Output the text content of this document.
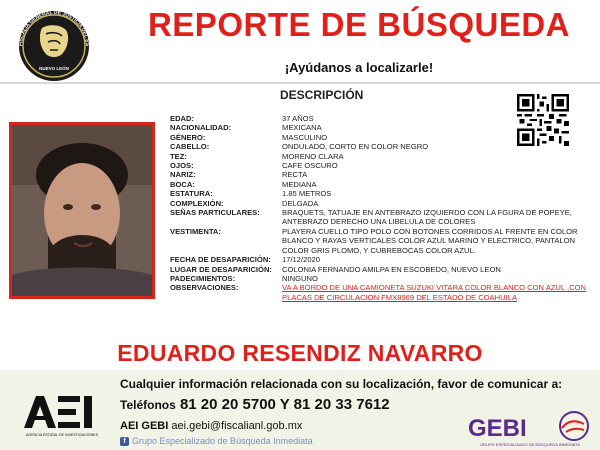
FISCALÍA GENERAL DE JUSTICIA DEL ES
NUEVO LEÓN
REPORTE DE BÚSQUEDA
¡Ayúdanos a localizarle!
DESCRIPCIÓN
EDAD:	37 AÑOS
NACIONALIDAD:	MEXICANA
GÉNERO:	MASCULINO
CABELLO:	ONDULADO, CORTO EN COLOR NEGRO
TEZ:	MORENO CLARA
OJOS:	CAFE OSCURO
NARIZ:	RECTA
BOCA:	MEDIANA
ESTATURA:	1.85 METROS
COMPLEXIÓN:	DELGADA
SEÑAS PARTICULARES:	BRAQUETS, TATUAJE EN ANTEBRAZO IZQUIERDO CON LA FGURA DE POPEYE, ANTEBRAZO DERECHO UNA LIBELULA DE COLORES
VESTIMENTA:	PLAYERA CUELLO TIPO POLO CON BOTONES CORRIDOS AL FRENTE EN COLOR BLANCO Y RAYAS VERTICALES COLOR AZUL MARINO Y ELECTRICO, PANTALON COLOR GRIS PLOMO, Y CUBREBOCAS COLOR AZUL.
FECHA DE DESAPARICIÓN:	17/12/2020
LUGAR DE DESAPARICIÓN:	COLONIA FERNANDO AMILPA EN ESCOBEDO, NUEVO LEON
PADECIMIENTOS:	NINGUNO
OBSERVACIONES:	VA A BORDO DE UNA CAMIONETA SUZUKI VITARA COLOR BLANCO CON AZUL ,CON PLACAS DE CIRCULACION FMX8969 DEL ESTADO DE COAHUILA
EDUARDO RESENDIZ NAVARRO
AGENCIA ESTATAL DE INVESTIGACIONES
Cualquier información relacionada con su localización, favor de comunicar a:
Teléfonos 81 20 20 5700 Y 81 20 33 7612
AEI GEBI aei.gebi@fiscalianl.gob.mx
f Grupo Especializado de Búsqueda Inmediata	GEBI
GRUPO ESPECIALIZADO DE BÚSQUEDA INMEDIATA
